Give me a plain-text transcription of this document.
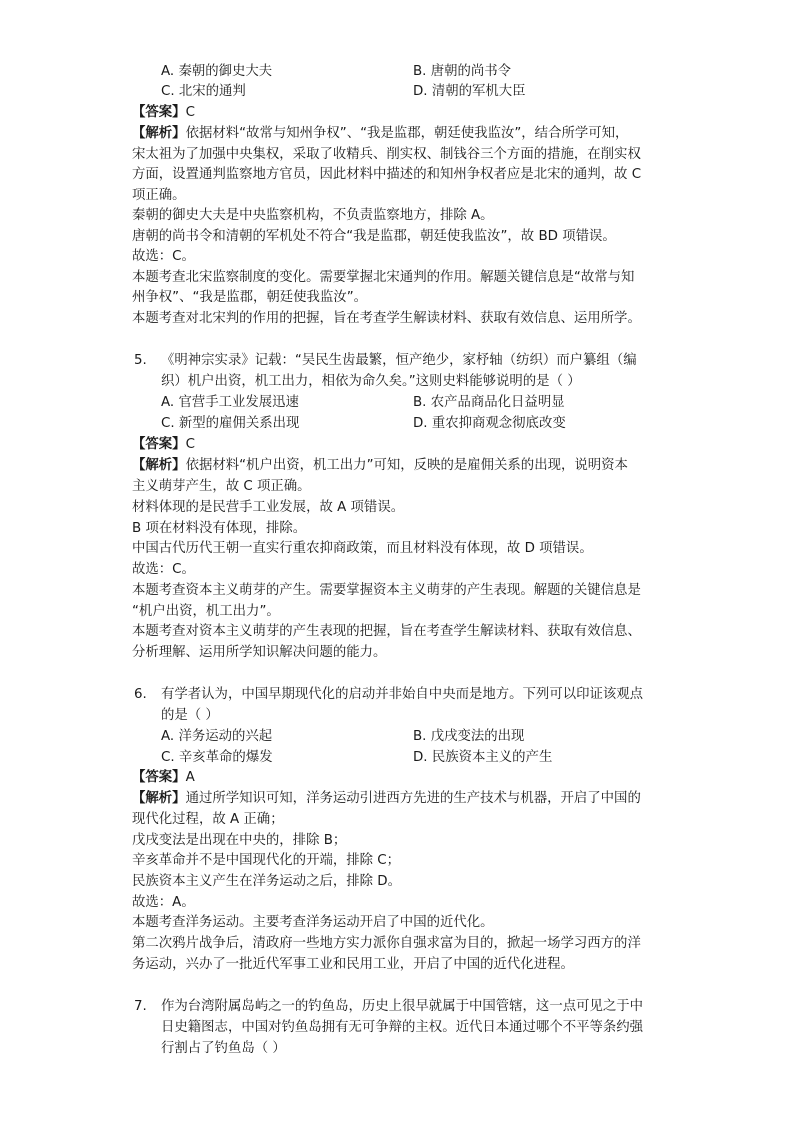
A. 秦朝的御史大夫	B. 唐朝的尚书令
C. 北宋的通判	D. 清朝的军机大臣
【答案】C
【解析】依据材料“故常与知州争权”、“我是监郡，朝廷使我监汝”，结合所学可知，
宋太祖为了加强中央集权，采取了收精兵、削实权、制钱谷三个方面的措施，在削实权
方面，设置通判监察地方官员，因此材料中描述的和知州争权者应是北宋的通判，故 C
项正确。
秦朝的御史大夫是中央监察机构，不负责监察地方，排除 A。
唐朝的尚书令和清朝的军机处不符合“我是监郡，朝廷使我监汝”，故 BD 项错误。
故选：C。
本题考查北宋监察制度的变化。需要掌握北宋通判的作用。解题关键信息是“故常与知
州争权”、“我是监郡，朝廷使我监汝”。
本题考查对北宋判的作用的把握，旨在考查学生解读材料、获取有效信息、运用所学。
5. 《明神宗实录》记载：“吴民生齿最繁，恒产绝少，家杼轴（纺织）而户纂组（编
织）机户出资，机工出力，相依为命久矣。”这则史料能够说明的是（ ）
A. 官营手工业发展迅速	B. 农产品商品化日益明显
C. 新型的雇佣关系出现	D. 重农抑商观念彻底改变
【答案】C
【解析】依据材料“机户出资，机工出力”可知，反映的是雇佣关系的出现，说明资本
主义萌芽产生，故 C 项正确。
材料体现的是民营手工业发展，故 A 项错误。
B 项在材料没有体现，排除。
中国古代历代王朝一直实行重农抑商政策，而且材料没有体现，故 D 项错误。
故选：C。
本题考查资本主义萌芽的产生。需要掌握资本主义萌芽的产生表现。解题的关键信息是
“机户出资，机工出力”。
本题考查对资本主义萌芽的产生表现的把握，旨在考查学生解读材料、获取有效信息、
分析理解、运用所学知识解决问题的能力。
6. 有学者认为，中国早期现代化的启动并非始自中央而是地方。下列可以印证该观点
的是（ ）
A. 洋务运动的兴起	B. 戊戌变法的出现
C. 辛亥革命的爆发	D. 民族资本主义的产生
【答案】A
【解析】通过所学知识可知，洋务运动引进西方先进的生产技术与机器，开启了中国的
现代化过程，故 A 正确；
戊戌变法是出现在中央的，排除 B；
辛亥革命并不是中国现代化的开端，排除 C；
民族资本主义产生在洋务运动之后，排除 D。
故选：A。
本题考查洋务运动。主要考查洋务运动开启了中国的近代化。
第二次鸦片战争后，清政府一些地方实力派你自强求富为目的，掀起一场学习西方的洋
务运动，兴办了一批近代军事工业和民用工业，开启了中国的近代化进程。
7. 作为台湾附属岛屿之一的钓鱼岛，历史上很早就属于中国管辖，这一点可见之于中
日史籍图志，中国对钓鱼岛拥有无可争辩的主权。近代日本通过哪个不平等条约强
行割占了钓鱼岛（ ）
